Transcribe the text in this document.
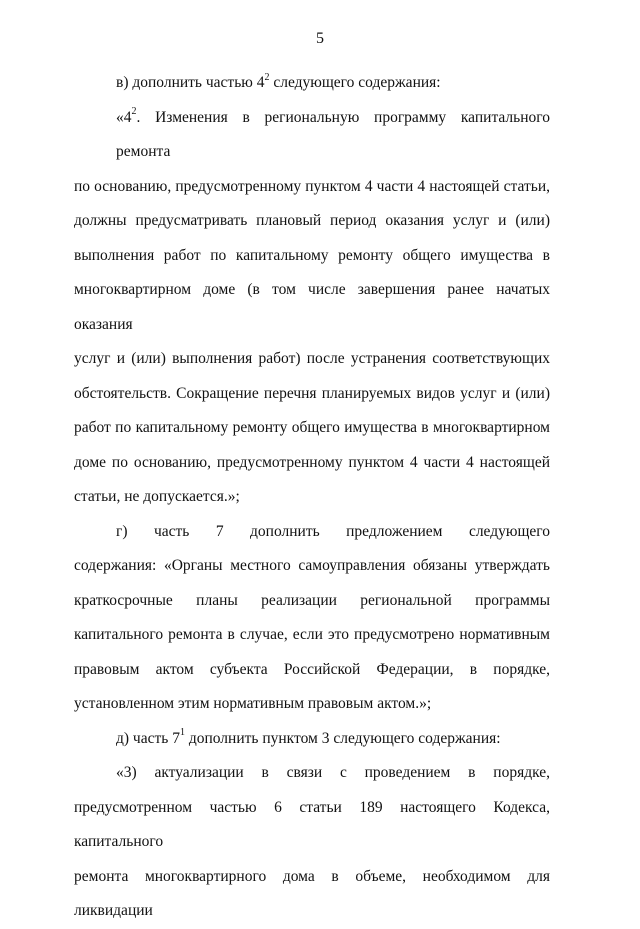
5
в) дополнить частью $4^2$ следующего содержания:
«$4^2$. Изменения в региональную программу капитального ремонта
по основанию, предусмотренному пунктом 4 части 4 настоящей статьи,
должны предусматривать плановый период оказания услуг и (или)
выполнения работ по капитальному ремонту общего имущества в
многоквартирном доме (в том числе завершения ранее начатых оказания
услуг и (или) выполнения работ) после устранения соответствующих
обстоятельств. Сокращение перечня планируемых видов услуг и (или)
работ по капитальному ремонту общего имущества в многоквартирном
доме по основанию, предусмотренному пунктом 4 части 4 настоящей
статьи, не допускается.»;
г) часть 7 дополнить предложением следующего
содержания: «Органы местного самоуправления обязаны утверждать
краткосрочные планы реализации региональной программы
капитального ремонта в случае, если это предусмотрено нормативным
правовым актом субъекта Российской Федерации, в порядке,
установленном этим нормативным правовым актом.»;
д) часть $7^1$ дополнить пунктом 3 следующего содержания:
«3) актуализации в связи с проведением в порядке,
предусмотренном частью 6 статьи 189 настоящего Кодекса, капитального
ремонта многоквартирного дома в объеме, необходимом для ликвидации
